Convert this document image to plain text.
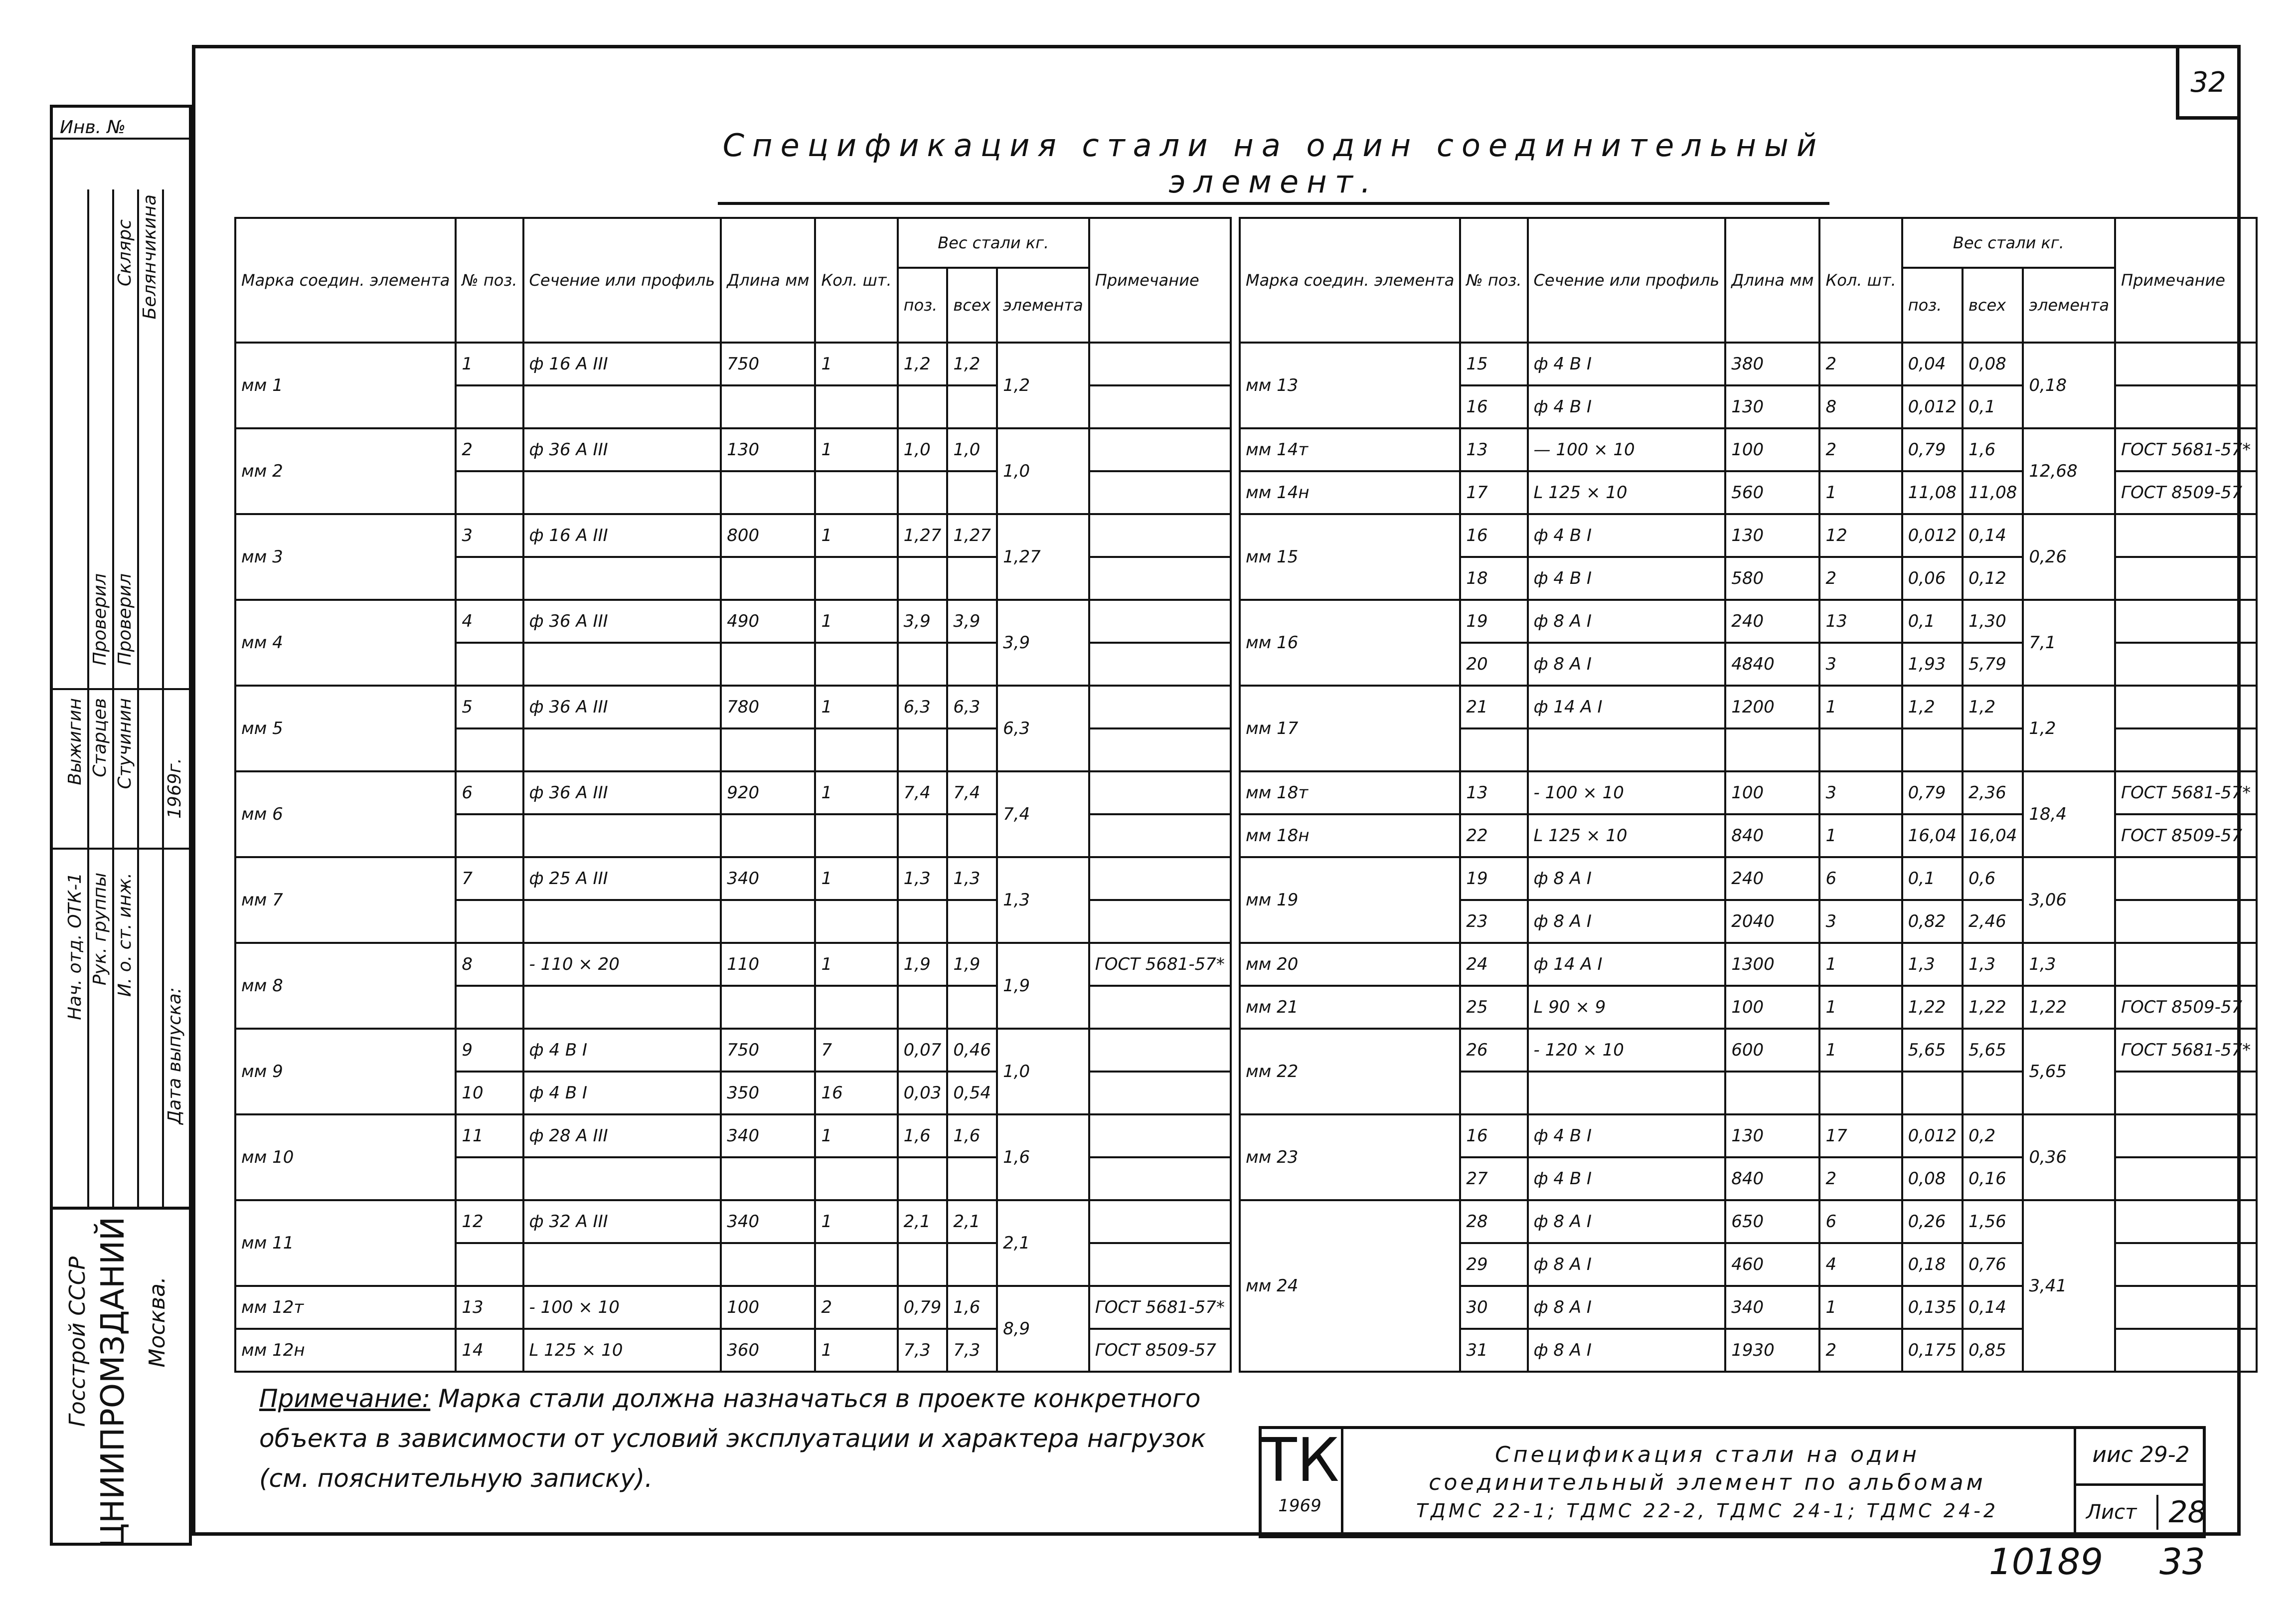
32
Спецификация стали на один соединительный элемент.
Инв. №
Нач. отд. ОТК-1
Выжигин
Рук. группы
Старцев
И. о. ст. инж.
Стучинин
Белянчикина
Проверил
Проверил
Склярс
Дата выпуска:
1969г.
Госстрой СССР ЦНИИПРОМЗДАНИЙ Москва.
Марка соедин. элемента	№ поз.	Сечение или профиль	Длина мм	Кол. шт.	Вес стали кг.			Примечание
					поз.	всех	элемента	
мм 1	1	ф 16 А III	750	1	1,2	1,2	1,2	

мм 2	2	ф 36 А III	130	1	1,0	1,0	1,0	

мм 3	3	ф 16 А III	800	1	1,27	1,27	1,27	

мм 4	4	ф 36 А III	490	1	3,9	3,9	3,9	

мм 5	5	ф 36 А III	780	1	6,3	6,3	6,3	

мм 6	6	ф 36 А III	920	1	7,4	7,4	7,4	

мм 7	7	ф 25 А III	340	1	1,3	1,3	1,3	

мм 8	8	- 110 × 20	110	1	1,9	1,9	1,9	ГОСТ 5681-57*

мм 9	9	ф 4 В I	750	7	0,07	0,46	1,0	
	10	ф 4 В I	350	16	0,03	0,54		
мм 10	11	ф 28 А III	340	1	1,6	1,6	1,6	

мм 11	12	ф 32 А III	340	1	2,1	2,1	2,1	

мм 12т	13	- 100 × 10	100	2	0,79	1,6	8,9	ГОСТ 5681-57*
мм 12н	14	L 125 × 10	360	1	7,3	7,3		ГОСТ 8509-57
Марка соедин. элемента	№ поз.	Сечение или профиль	Длина мм	Кол. шт.	Вес стали кг.			Примечание
					поз.	всех	элемента	
мм 13	15	ф 4 В I	380	2	0,04	0,08	0,18	
	16	ф 4 В I	130	8	0,012	0,1		
мм 14т	13	— 100 × 10	100	2	0,79	1,6	12,68	ГОСТ 5681-57*
мм 14н	17	L 125 × 10	560	1	11,08	11,08		ГОСТ 8509-57
мм 15	16	ф 4 В I	130	12	0,012	0,14	0,26	
	18	ф 4 В I	580	2	0,06	0,12		
мм 16	19	ф 8 А I	240	13	0,1	1,30	7,1	
	20	ф 8 А I	4840	3	1,93	5,79		
мм 17	21	ф 14 А I	1200	1	1,2	1,2	1,2	

мм 18т	13	- 100 × 10	100	3	0,79	2,36	18,4	ГОСТ 5681-57*
мм 18н	22	L 125 × 10	840	1	16,04	16,04		ГОСТ 8509-57
мм 19	19	ф 8 А I	240	6	0,1	0,6	3,06	
	23	ф 8 А I	2040	3	0,82	2,46		
мм 20	24	ф 14 А I	1300	1	1,3	1,3	1,3	
мм 21	25	L 90 × 9	100	1	1,22	1,22	1,22	ГОСТ 8509-57
мм 22	26	- 120 × 10	600	1	5,65	5,65	5,65	ГОСТ 5681-57*

мм 23	16	ф 4 В I	130	17	0,012	0,2	0,36	
	27	ф 4 В I	840	2	0,08	0,16		
мм 24	28	ф 8 А I	650	6	0,26	1,56	3,41	
	29	ф 8 А I	460	4	0,18	0,76		
	30	ф 8 А I	340	1	0,135	0,14		
	31	ф 8 А I	1930	2	0,175	0,85		
Примечание: Марка стали должна назначаться в проекте конкретного объекта в зависимости от условий эксплуатации и характера нагрузок (см. пояснительную записку).	ТК
1969
Спецификация стали на один
соединительный элемент по альбомам
ТДМС 22-1; ТДМС 22-2, ТДМС 24-1; ТДМС 24-2
иис 29-2
Лист	28
10189 33
